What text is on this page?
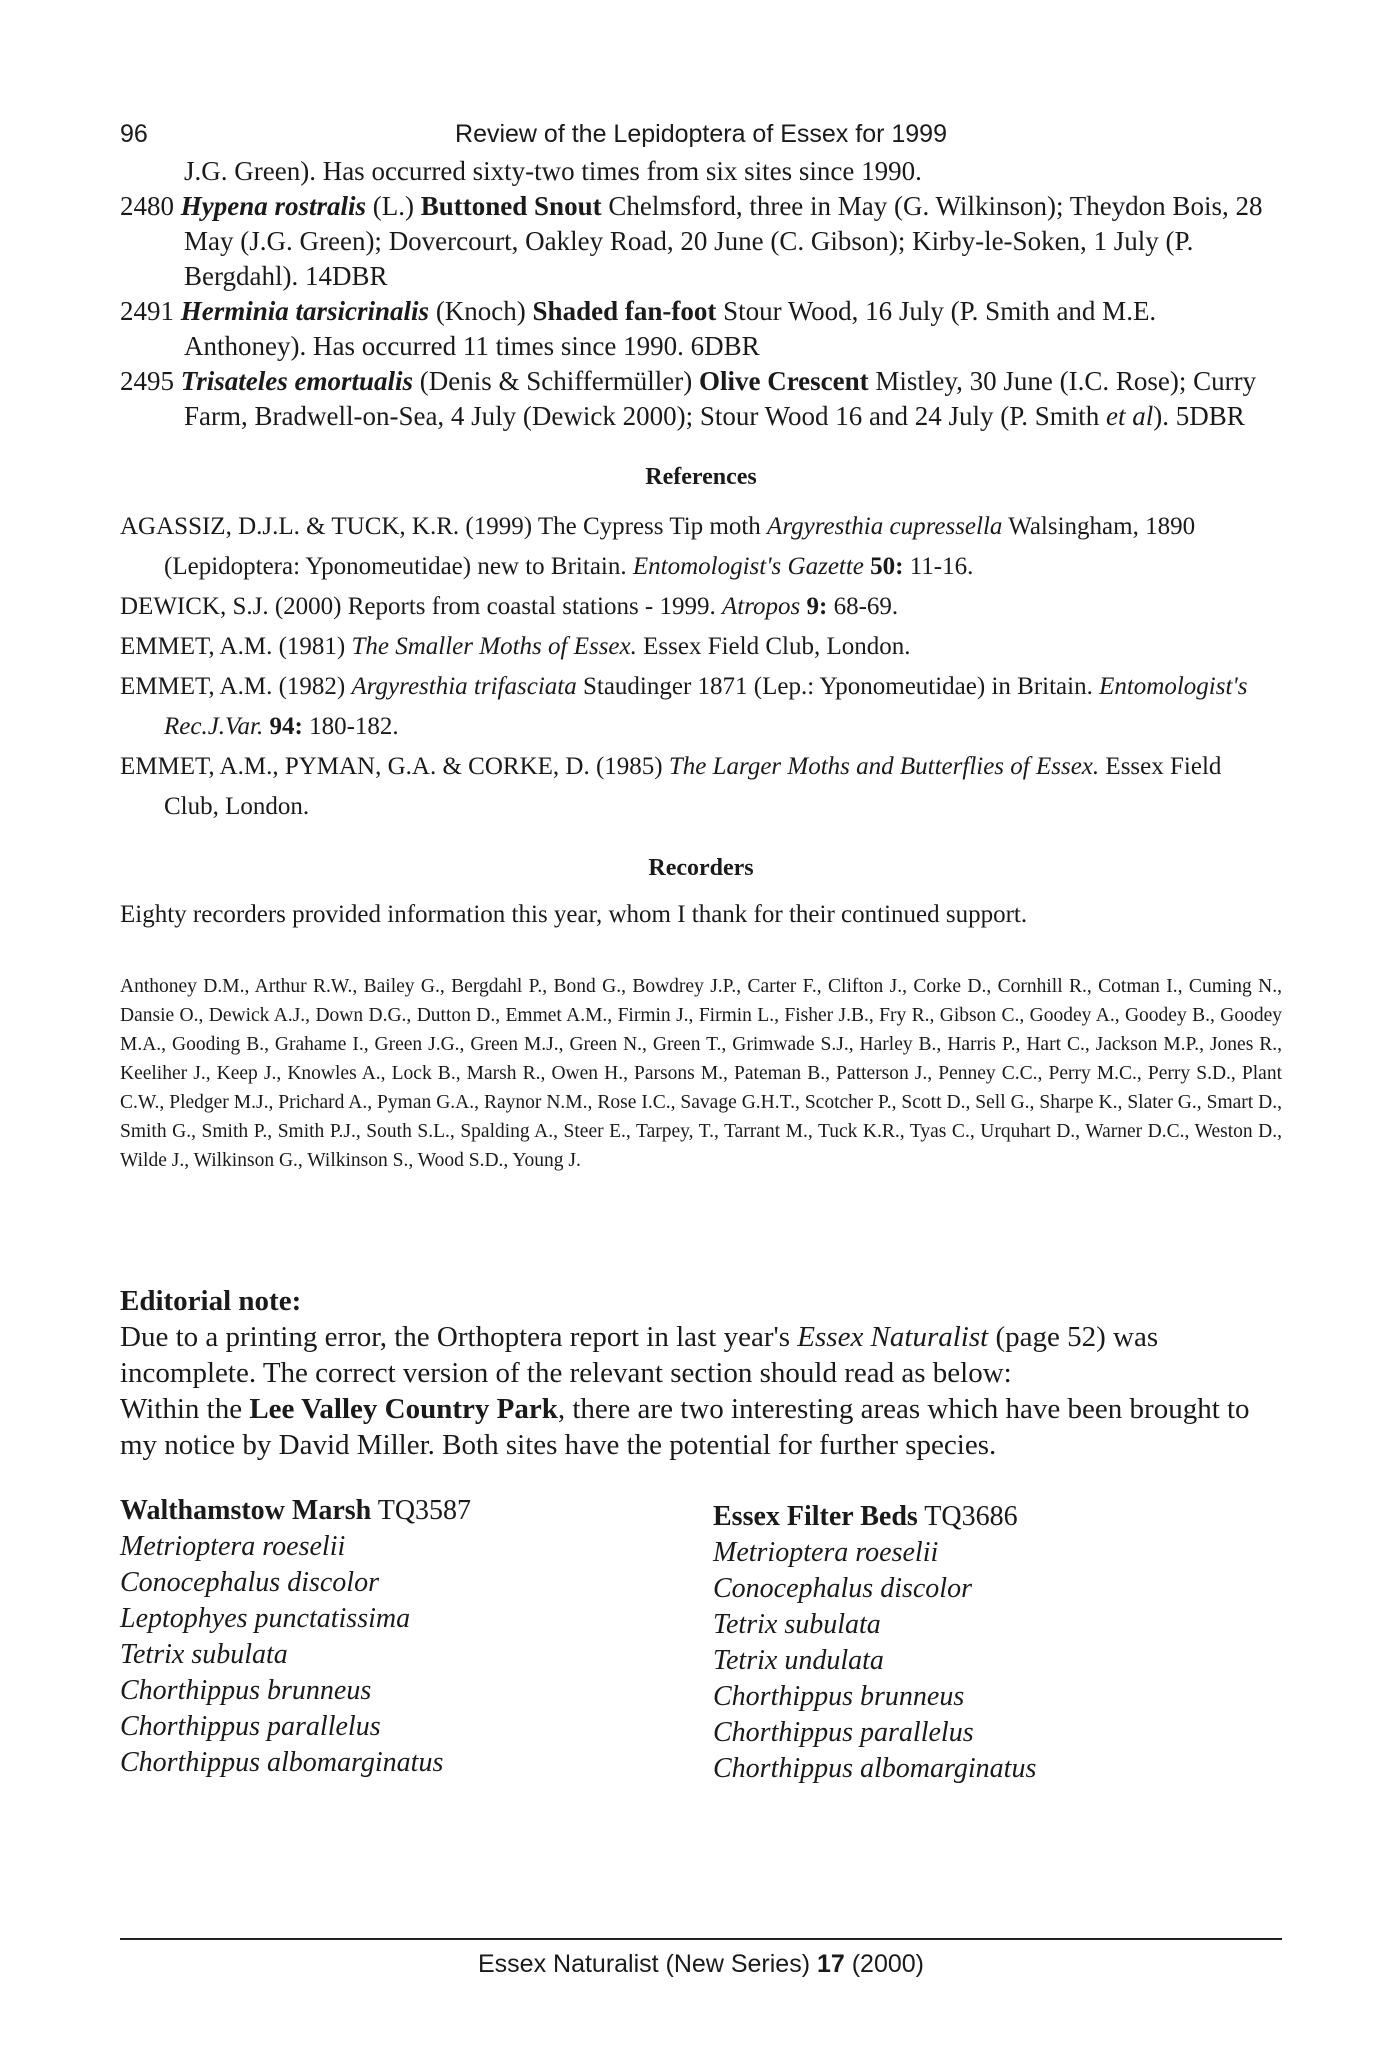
96	Review of the Lepidoptera of Essex for 1999

J.G. Green). Has occurred sixty-two times from six sites since 1990.

2480 Hypena rostralis (L.) Buttoned Snout Chelmsford, three in May (G. Wilkinson); Theydon Bois, 28 May (J.G. Green); Dovercourt, Oakley Road, 20 June (C. Gibson); Kirby-le-Soken, 1 July (P. Bergdahl). 14DBR

2491 Herminia tarsicrinalis (Knoch) Shaded fan-foot Stour Wood, 16 July (P. Smith and M.E. Anthoney). Has occurred 11 times since 1990. 6DBR

2495 Trisateles emortualis (Denis & Schiffermüller) Olive Crescent Mistley, 30 June (I.C. Rose); Curry Farm, Bradwell-on-Sea, 4 July (Dewick 2000); Stour Wood 16 and 24 July (P. Smith et al). 5DBR

References

AGASSIZ, D.J.L. & TUCK, K.R. (1999) The Cypress Tip moth Argyresthia cupressella Walsingham, 1890 (Lepidoptera: Yponomeutidae) new to Britain. Entomologist's Gazette 50: 11-16.

DEWICK, S.J. (2000) Reports from coastal stations - 1999. Atropos 9: 68-69.

EMMET, A.M. (1981) The Smaller Moths of Essex. Essex Field Club, London.

EMMET, A.M. (1982) Argyresthia trifasciata Staudinger 1871 (Lep.: Yponomeutidae) in Britain. Entomologist's Rec.J.Var. 94: 180-182.

EMMET, A.M., PYMAN, G.A. & CORKE, D. (1985) The Larger Moths and Butterflies of Essex. Essex Field Club, London.

Recorders

Eighty recorders provided information this year, whom I thank for their continued support.

Anthoney D.M., Arthur R.W., Bailey G., Bergdahl P., Bond G., Bowdrey J.P., Carter F., Clifton J., Corke D., Cornhill R., Cotman I., Cuming N., Dansie O., Dewick A.J., Down D.G., Dutton D., Emmet A.M., Firmin J., Firmin L., Fisher J.B., Fry R., Gibson C., Goodey A., Goodey B., Goodey M.A., Gooding B., Grahame I., Green J.G., Green M.J., Green N., Green T., Grimwade S.J., Harley B., Harris P., Hart C., Jackson M.P., Jones R., Keeliher J., Keep J., Knowles A., Lock B., Marsh R., Owen H., Parsons M., Pateman B., Patterson J., Penney C.C., Perry M.C., Perry S.D., Plant C.W., Pledger M.J., Prichard A., Pyman G.A., Raynor N.M., Rose I.C., Savage G.H.T., Scotcher P., Scott D., Sell G., Sharpe K., Slater G., Smart D., Smith G., Smith P., Smith P.J., South S.L., Spalding A., Steer E., Tarpey, T., Tarrant M., Tuck K.R., Tyas C., Urquhart D., Warner D.C., Weston D., Wilde J., Wilkinson G., Wilkinson S., Wood S.D., Young J.

Editorial note:

Due to a printing error, the Orthoptera report in last year's Essex Naturalist (page 52) was incomplete. The correct version of the relevant section should read as below:

Within the Lee Valley Country Park, there are two interesting areas which have been brought to my notice by David Miller. Both sites have the potential for further species.

Walthamstow Marsh TQ3587
Metrioptera roeselii
Conocephalus discolor
Leptophyes punctatissima
Tetrix subulata
Chorthippus brunneus
Chorthippus parallelus
Chorthippus albomarginatus
Essex Filter Beds TQ3686
Metrioptera roeselii
Conocephalus discolor
Tetrix subulata
Tetrix undulata
Chorthippus brunneus
Chorthippus parallelus
Chorthippus albomarginatus
Essex Naturalist (New Series) 17 (2000)
